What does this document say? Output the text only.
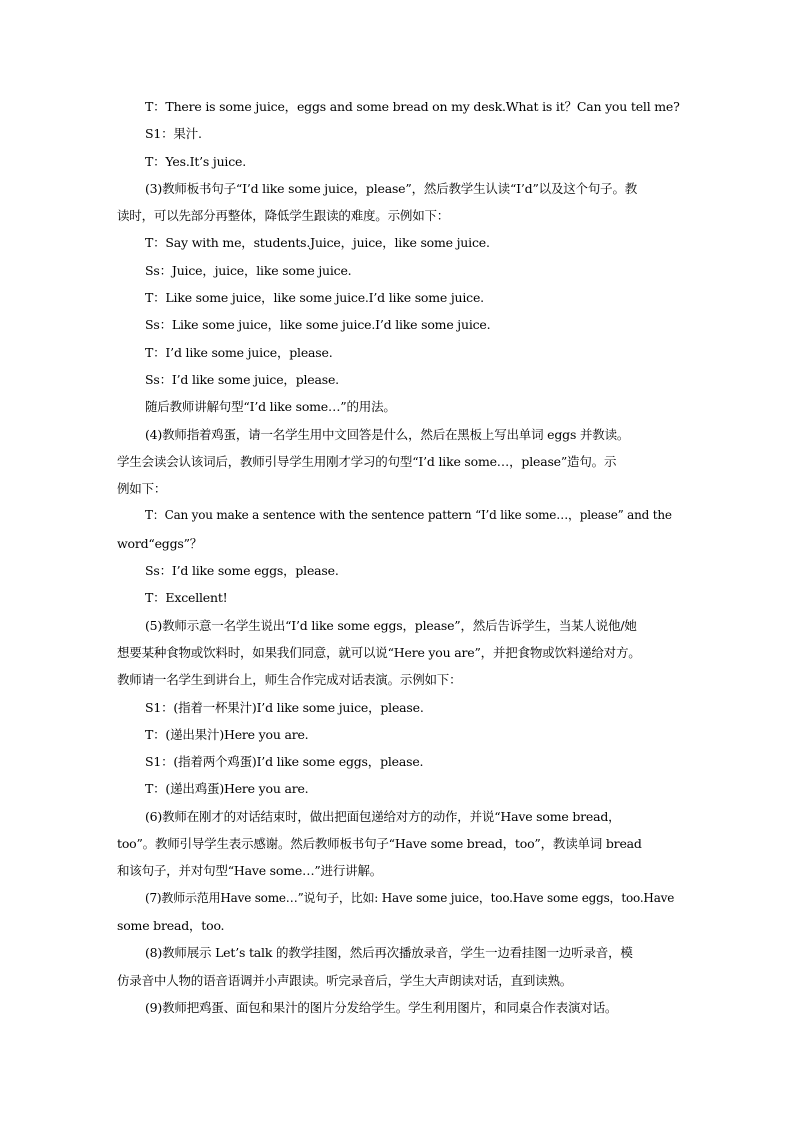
T：There is some juice，eggs and some bread on my desk.What is it？Can you tell me?
S1：果汁.
T：Yes.It’s juice.
(3)教师板书句子“I’d like some juice，please”，然后教学生认读“I’d”以及这个句子。教
读时，可以先部分再整体，降低学生跟读的难度。示例如下：
T：Say with me，students.Juice，juice，like some juice.
Ss：Juice，juice，like some juice.
T：Like some juice，like some juice.I’d like some juice.
Ss：Like some juice，like some juice.I’d like some juice.
T：I’d like some juice，please.
Ss：I’d like some juice，please.
随后教师讲解句型“I’d like some…”的用法。
(4)教师指着鸡蛋，请一名学生用中文回答是什么，然后在黑板上写出单词 eggs 并教读。
学生会读会认该词后，教师引导学生用刚才学习的句型“I’d like some…，please”造句。示
例如下：
T：Can you make a sentence with the sentence pattern “I’d like some…，please” and the
word“eggs”？
Ss：I’d like some eggs，please.
T：Excellent!
(5)教师示意一名学生说出“I’d like some eggs，please”，然后告诉学生，当某人说他/她
想要某种食物或饮料时，如果我们同意，就可以说“Here you are”，并把食物或饮料递给对方。
教师请一名学生到讲台上，师生合作完成对话表演。示例如下：
S1：(指着一杯果汁)I’d like some juice，please.
T：(递出果汁)Here you are.
S1：(指着两个鸡蛋)I’d like some eggs，please.
T：(递出鸡蛋)Here you are.
(6)教师在刚才的对话结束时，做出把面包递给对方的动作，并说“Have some bread，
too”。教师引导学生表示感谢。然后教师板书句子“Have some bread，too”，教读单词 bread
和该句子，并对句型“Have some…”进行讲解。
(7)教师示范用Have some…”说句子，比如: Have some juice，too.Have some eggs，too.Have
some bread，too.
(8)教师展示 Let’s talk 的教学挂图，然后再次播放录音，学生一边看挂图一边听录音，模
仿录音中人物的语音语调并小声跟读。听完录音后，学生大声朗读对话，直到读熟。
(9)教师把鸡蛋、面包和果汁的图片分发给学生。学生利用图片，和同桌合作表演对话。
